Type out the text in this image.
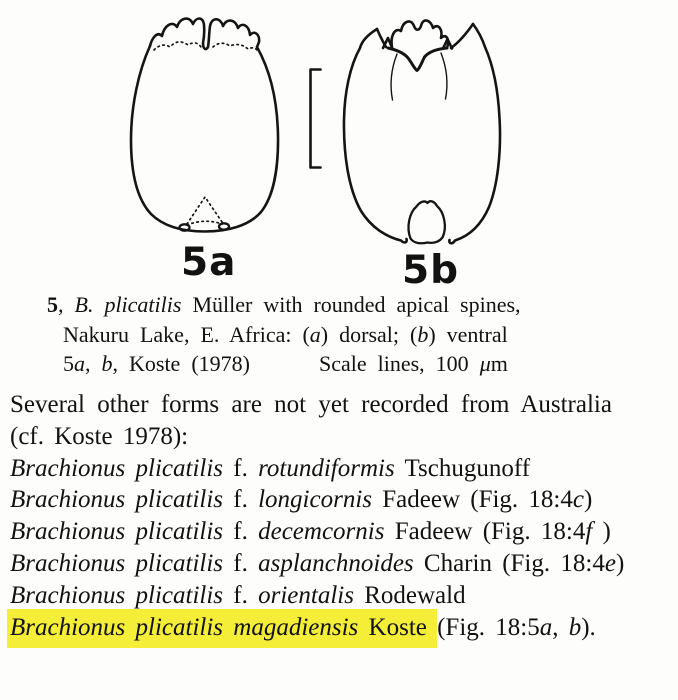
5a	5b
5, B. plicatilis Müller with rounded apical spines,
Nakuru Lake, E. Africa: (a) dorsal; (b) ventral
5a, b, Koste (1978)	Scale lines, 100 μm
Several other forms are not yet recorded from Australia
(cf. Koste 1978):
Brachionus plicatilis f. rotundiformis Tschugunoff
Brachionus plicatilis f. longicornis Fadeew (Fig. 18:4c)
Brachionus plicatilis f. decemcornis Fadeew (Fig. 18:4f )
Brachionus plicatilis f. asplanchnoides Charin (Fig. 18:4e)
Brachionus plicatilis f. orientalis Rodewald
Brachionus plicatilis magadiensis Koste (Fig. 18:5a, b).
